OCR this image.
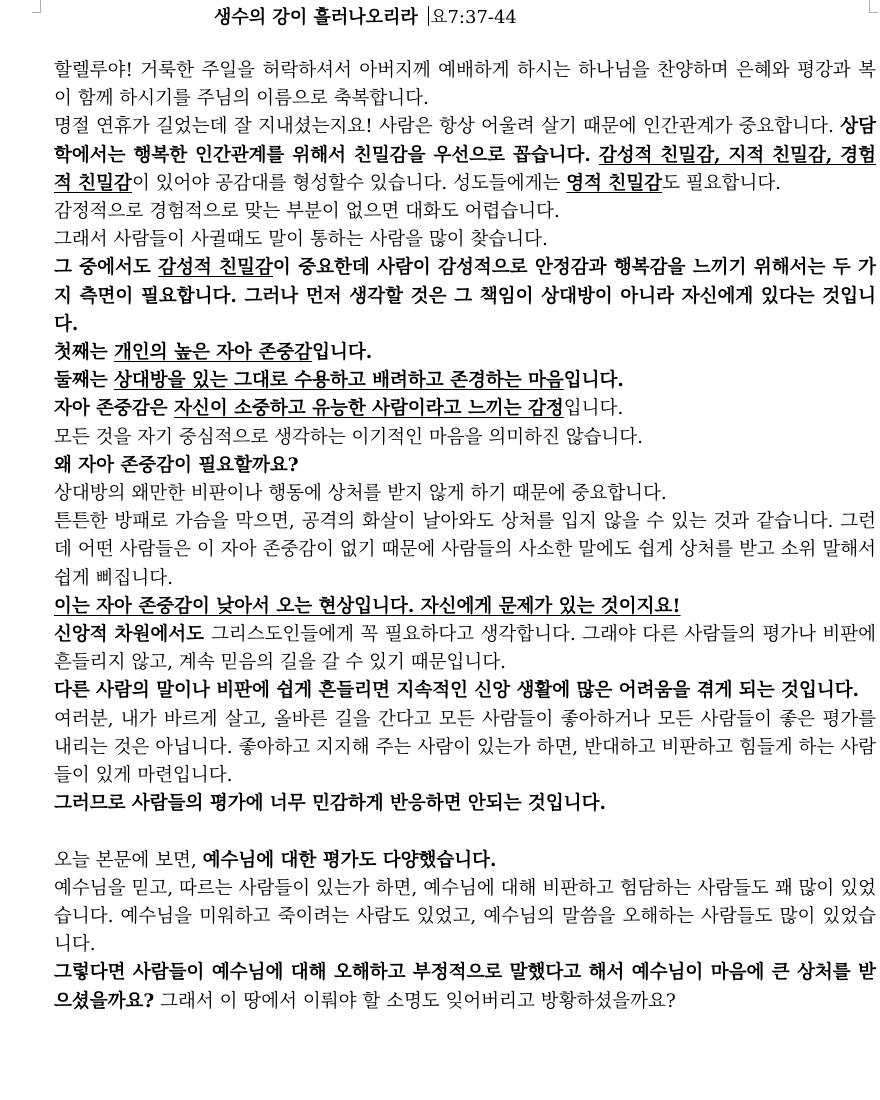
생수의 강이 흘러나오리라 요7:37-44

할렐루야! 거룩한 주일을 허락하셔서 아버지께 예배하게 하시는 하나님을 찬양하며 은혜와 평강과 복이 함께 하시기를 주님의 이름으로 축복합니다.

명절 연휴가 길었는데 잘 지내셨는지요! 사람은 항상 어울려 살기 때문에 인간관계가 중요합니다. 상담학에서는 행복한 인간관계를 위해서 친밀감을 우선으로 꼽습니다. 감성적 친밀감, 지적 친밀감, 경험적 친밀감이 있어야 공감대를 형성할수 있습니다. 성도들에게는 영적 친밀감도 필요합니다.

감정적으로 경험적으로 맞는 부분이 없으면 대화도 어렵습니다.

그래서 사람들이 사귈때도 말이 통하는 사람을 많이 찾습니다.

그 중에서도 감성적 친밀감이 중요한데 사람이 감성적으로 안정감과 행복감을 느끼기 위해서는 두 가지 측면이 필요합니다. 그러나 먼저 생각할 것은 그 책임이 상대방이 아니라 자신에게 있다는 것입니다.

첫째는 개인의 높은 자아 존중감입니다.

둘째는 상대방을 있는 그대로 수용하고 배려하고 존경하는 마음입니다.

자아 존중감은 자신이 소중하고 유능한 사람이라고 느끼는 감정입니다.

모든 것을 자기 중심적으로 생각하는 이기적인 마음을 의미하진 않습니다.

왜 자아 존중감이 필요할까요?

상대방의 왜만한 비판이나 행동에 상처를 받지 않게 하기 때문에 중요합니다.

튼튼한 방패로 가슴을 막으면, 공격의 화살이 날아와도 상처를 입지 않을 수 있는 것과 같습니다. 그런데 어떤 사람들은 이 자아 존중감이 없기 때문에 사람들의 사소한 말에도 쉽게 상처를 받고 소위 말해서 쉽게 삐집니다.

이는 자아 존중감이 낮아서 오는 현상입니다. 자신에게 문제가 있는 것이지요!

신앙적 차원에서도 그리스도인들에게 꼭 필요하다고 생각합니다. 그래야 다른 사람들의 평가나 비판에 흔들리지 않고, 계속 믿음의 길을 갈 수 있기 때문입니다.

다른 사람의 말이나 비판에 쉽게 흔들리면 지속적인 신앙 생활에 많은 어려움을 겪게 되는 것입니다.

여러분, 내가 바르게 살고, 올바른 길을 간다고 모든 사람들이 좋아하거나 모든 사람들이 좋은 평가를 내리는 것은 아닙니다. 좋아하고 지지해 주는 사람이 있는가 하면, 반대하고 비판하고 힘들게 하는 사람들이 있게 마련입니다.

그러므로 사람들의 평가에 너무 민감하게 반응하면 안되는 것입니다.

오늘 본문에 보면, 예수님에 대한 평가도 다양했습니다.

예수님을 믿고, 따르는 사람들이 있는가 하면, 예수님에 대해 비판하고 험담하는 사람들도 꽤 많이 있었습니다. 예수님을 미워하고 죽이려는 사람도 있었고, 예수님의 말씀을 오해하는 사람들도 많이 있었습니다.

그렇다면 사람들이 예수님에 대해 오해하고 부정적으로 말했다고 해서 예수님이 마음에 큰 상처를 받으셨을까요? 그래서 이 땅에서 이뤄야 할 소명도 잊어버리고 방황하셨을까요?
